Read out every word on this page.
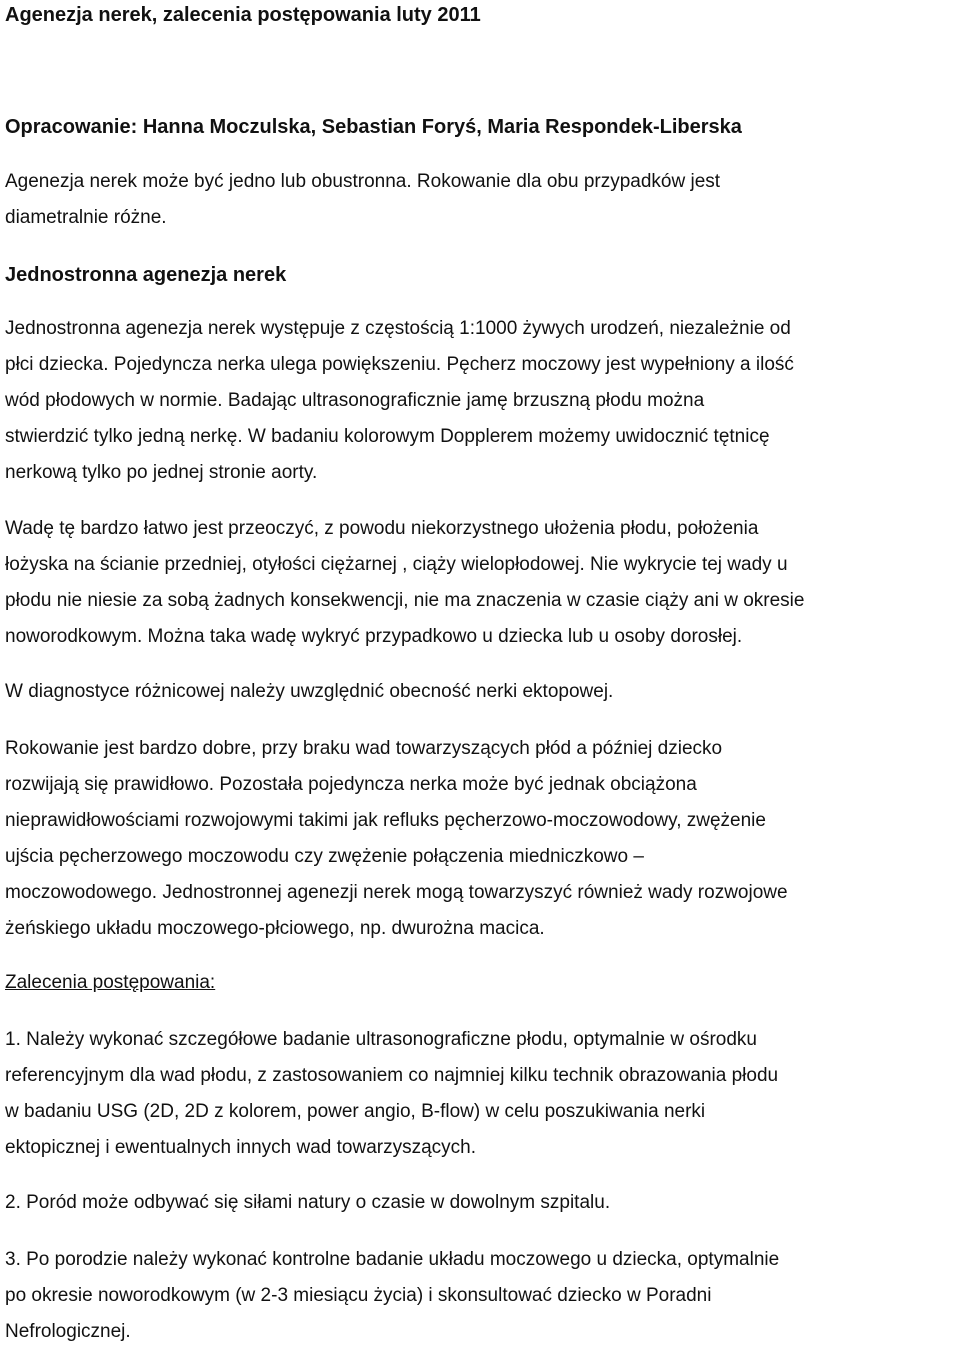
Agenezja nerek, zalecenia postępowania luty 2011
Opracowanie: Hanna Moczulska, Sebastian Foryś, Maria Respondek-Liberska
Agenezja nerek może być jedno lub obustronna. Rokowanie dla obu przypadków jest
diametralnie różne.
Jednostronna agenezja nerek
Jednostronna agenezja nerek występuje z częstością 1:1000 żywych urodzeń, niezależnie od
płci dziecka. Pojedyncza nerka ulega powiększeniu. Pęcherz moczowy jest wypełniony a ilość
wód płodowych w normie. Badając ultrasonograficznie jamę brzuszną płodu można
stwierdzić tylko jedną nerkę. W badaniu kolorowym Dopplerem możemy uwidocznić tętnicę
nerkową tylko po jednej stronie aorty.
Wadę tę bardzo łatwo jest przeoczyć, z powodu niekorzystnego ułożenia płodu, położenia
łożyska na ścianie przedniej, otyłości ciężarnej , ciąży wielopłodowej. Nie wykrycie tej wady u
płodu nie niesie za sobą żadnych konsekwencji, nie ma znaczenia w czasie ciąży ani w okresie
noworodkowym. Można taka wadę wykryć przypadkowo u dziecka lub u osoby dorosłej.
W diagnostyce różnicowej należy uwzględnić obecność nerki ektopowej.
Rokowanie jest bardzo dobre, przy braku wad towarzyszących płód a później dziecko
rozwijają się prawidłowo. Pozostała pojedyncza nerka może być jednak obciążona
nieprawidłowościami rozwojowymi takimi jak refluks pęcherzowo-moczowodowy, zwężenie
ujścia pęcherzowego moczowodu czy zwężenie połączenia miedniczkowo –
moczowodowego. Jednostronnej agenezji nerek mogą towarzyszyć również wady rozwojowe
żeńskiego układu moczowego-płciowego, np. dwurożna macica.
Zalecenia postępowania:
1. Należy wykonać szczegółowe badanie ultrasonograficzne płodu, optymalnie w ośrodku
referencyjnym dla wad płodu, z zastosowaniem co najmniej kilku technik obrazowania płodu
w badaniu USG (2D, 2D z kolorem, power angio, B-flow) w celu poszukiwania nerki
ektopicznej i ewentualnych innych wad towarzyszących.
2. Poród może odbywać się siłami natury o czasie w dowolnym szpitalu.
3. Po porodzie należy wykonać kontrolne badanie układu moczowego u dziecka, optymalnie
po okresie noworodkowym (w 2-3 miesiącu życia) i skonsultować dziecko w Poradni
Nefrologicznej.
